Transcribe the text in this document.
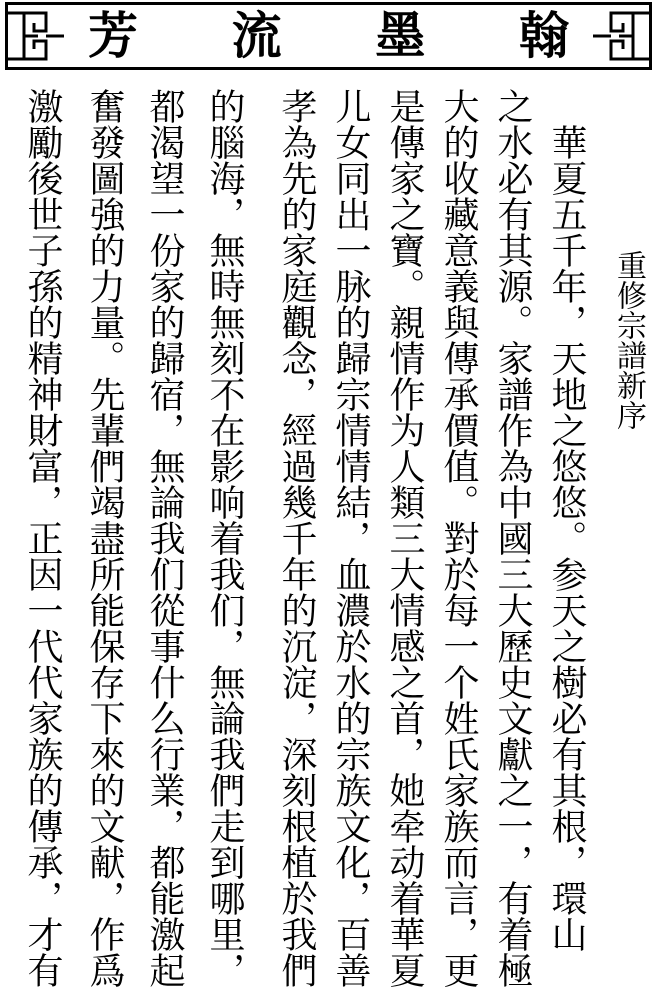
芳 流 墨 翰
重修宗譜新序
　華夏五千年，天地之悠悠。参天之樹必有其根，環山
之水必有其源。家譜作為中國三大歷史文獻之一，有着極
大的收藏意義與傳承價值。對於每一个姓氏家族而言，更
是傳家之寶。親情作为人類三大情感之首，她牵动着華夏
儿女同出一脉的歸宗情情結，血濃於水的宗族文化，百善
孝為先的家庭觀念，經過幾千年的沉淀，深刻根植於我們
的腦海，無時無刻不在影响着我们，無論我們走到哪里，
都渴望一份家的歸宿，無論我们從事什么行業，都能激起
奮發圖強的力量。先輩們竭盡所能保存下來的文献，作爲
激勵後世子孫的精神財富，正因一代代家族的傳承，才有
